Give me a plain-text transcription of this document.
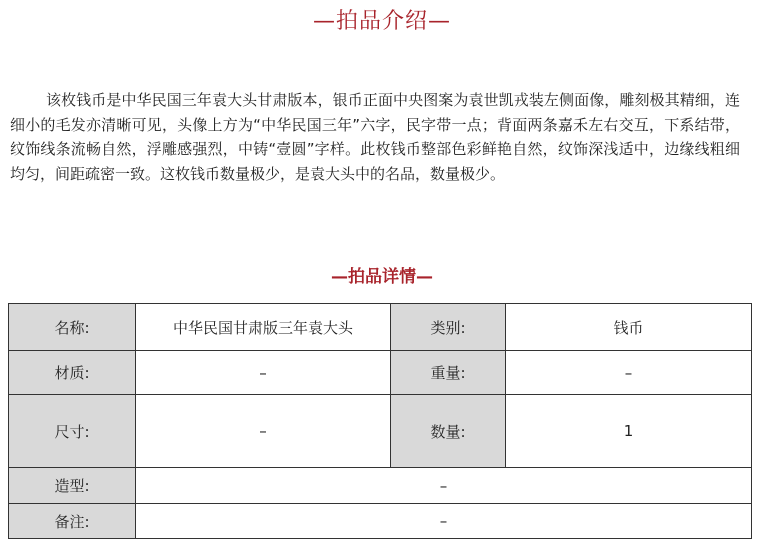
—拍品介绍—
该枚钱币是中华民国三年袁大头甘肃版本，银币正面中央图案为袁世凯戎装左侧面像，雕刻极其精细，连细小的毛发亦清晰可见，头像上方为“中华民国三年”六字，民字带一点；背面两条嘉禾左右交互，下系结带，纹饰线条流畅自然，浮雕感强烈，中铸“壹圆”字样。此枚钱币整部色彩鲜艳自然，纹饰深浅适中，边缘线粗细均匀，间距疏密一致。这枚钱币数量极少，是袁大头中的名品，数量极少。
—拍品详情—
名称:	中华民国甘肃版三年袁大头	类别:	钱币
材质:	–	重量:	–
尺寸:	–	数量:	1
造型:	–		
备注:	–		
